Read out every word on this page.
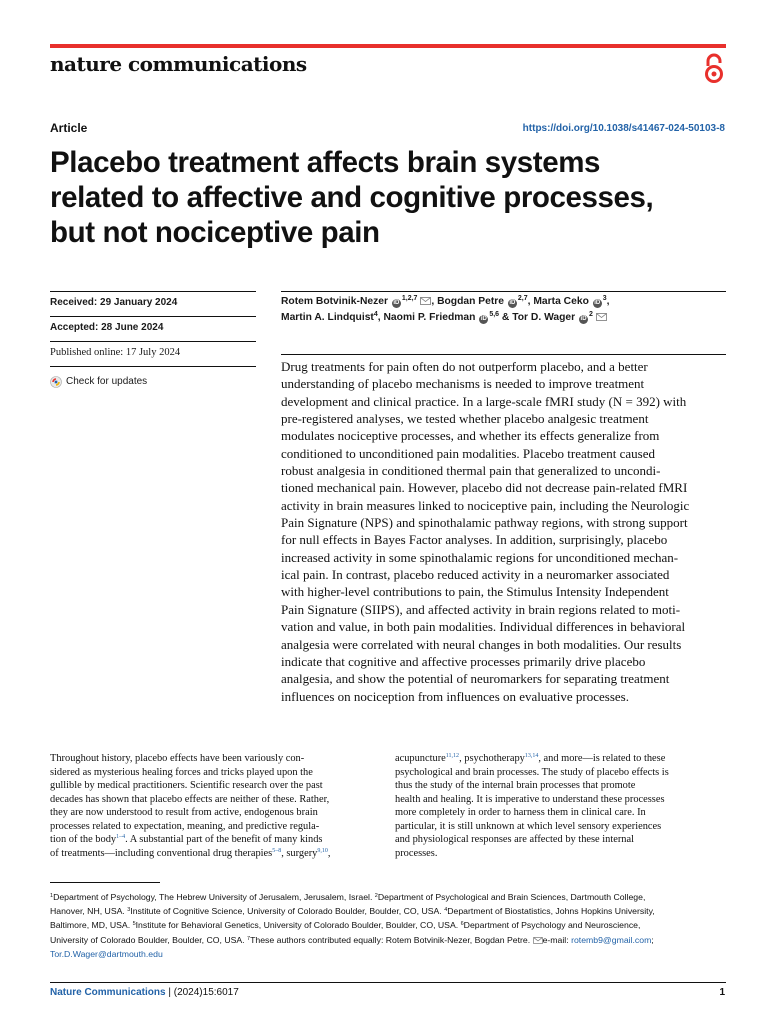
nature communications
Article	https://doi.org/10.1038/s41467-024-50103-8
Placebo treatment affects brain systems
related to affective and cognitive processes,
but not nociceptive pain
Received: 29 January 2024
Accepted: 28 June 2024
Published online: 17 July 2024
Check for updates
Rotem Botvinik-Nezer iD$^{1,2,7}$ , Bogdan Petre iD$^{2,7}$, Marta Ceko $iD^3$,
Martin A. Lindquist$^4$, Naomi P. Friedman iD$^{5,6}$ & Tor D. Wager $iD^2$
Drug treatments for pain often do not outperform placebo, and a better
understanding of placebo mechanisms is needed to improve treatment
development and clinical practice. In a large-scale fMRI study (N = 392) with
pre-registered analyses, we tested whether placebo analgesic treatment
modulates nociceptive processes, and whether its effects generalize from
conditioned to unconditioned pain modalities. Placebo treatment caused
robust analgesia in conditioned thermal pain that generalized to uncondi-
tioned mechanical pain. However, placebo did not decrease pain-related fMRI
activity in brain measures linked to nociceptive pain, including the Neurologic
Pain Signature (NPS) and spinothalamic pathway regions, with strong support
for null effects in Bayes Factor analyses. In addition, surprisingly, placebo
increased activity in some spinothalamic regions for unconditioned mechan-
ical pain. In contrast, placebo reduced activity in a neuromarker associated
with higher-level contributions to pain, the Stimulus Intensity Independent
Pain Signature (SIIPS), and affected activity in brain regions related to moti-
vation and value, in both pain modalities. Individual differences in behavioral
analgesia were correlated with neural changes in both modalities. Our results
indicate that cognitive and affective processes primarily drive placebo
analgesia, and show the potential of neuromarkers for separating treatment
influences on nociception from influences on evaluative processes.
Throughout history, placebo effects have been variously con-
sidered as mysterious healing forces and tricks played upon the
gullible by medical practitioners. Scientific research over the past
decades has shown that placebo effects are neither of these. Rather,
they are now understood to result from active, endogenous brain
processes related to expectation, meaning, and predictive regula-
tion of the body$^{1-4}$. A substantial part of the benefit of many kinds
of treatments—including conventional drug therapies$^{5-8}$, surgery$^{9,10}$,
acupuncture$^{11,12}$, psychotherapy$^{13,14}$, and more—is related to these
psychological and brain processes. The study of placebo effects is
thus the study of the internal brain processes that promote
health and healing. It is imperative to understand these processes
more completely in order to harness them in clinical care. In
particular, it is still unknown at which level sensory experiences
and physiological responses are affected by these internal
processes.
$^1$Department of Psychology, The Hebrew University of Jerusalem, Jerusalem, Israel. $^2$Department of Psychological and Brain Sciences, Dartmouth College,
Hanover, NH, USA. $^3$Institute of Cognitive Science, University of Colorado Boulder, Boulder, CO, USA. $^4$Department of Biostatistics, Johns Hopkins University,
Baltimore, MD, USA. $^5$Institute for Behavioral Genetics, University of Colorado Boulder, Boulder, CO, USA. $^6$Department of Psychology and Neuroscience,
University of Colorado Boulder, Boulder, CO, USA. $^7$These authors contributed equally: Rotem Botvinik-Nezer, Bogdan Petre. e-mail: rotemb9@gmail.com;
Tor.D.Wager@dartmouth.edu
Nature Communications | (2024)15:6017	1
